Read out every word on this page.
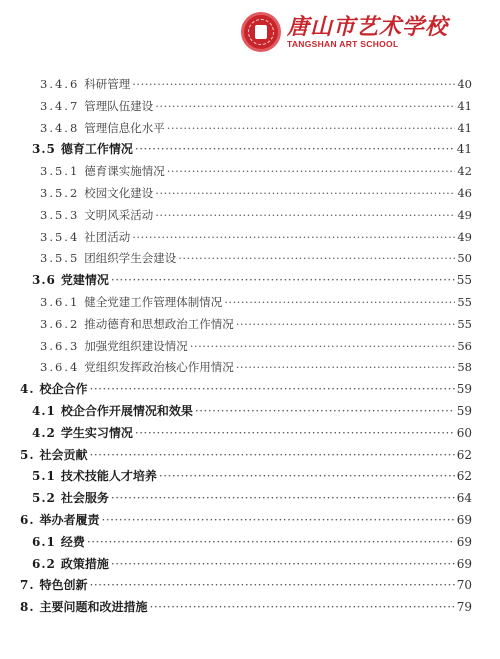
唐山市艺术学校
TANGSHAN ART SCHOOL
3.4.6 科研管理 ·····	40
3.4.7 管理队伍建设 ·····	41
3.4.8 管理信息化水平 ·····	41
3.5 德育工作情况 ·····	41
3.5.1 德育课实施情况 ·····	42
3.5.2 校园文化建设 ·····	46
3.5.3 文明风采活动 ·····	49
3.5.4 社团活动 ·····	49
3.5.5 团组织学生会建设 ·····	50
3.6 党建情况 ·····	55
3.6.1 健全党建工作管理体制情况 ·····	55
3.6.2 推动德育和思想政治工作情况 ·····	55
3.6.3 加强党组织建设情况 ·····	56
3.6.4 党组织发挥政治核心作用情况 ·····	58
4. 校企合作 ·····	59
4.1 校企合作开展情况和效果 ·····	59
4.2 学生实习情况 ·····	60
5. 社会贡献 ·····	62
5.1 技术技能人才培养 ·····	62
5.2 社会服务 ·····	64
6. 举办者履责 ·····	69
6.1 经费 ·····	69
6.2 政策措施 ·····	69
7. 特色创新 ·····	70
8. 主要问题和改进措施 ·····	79
